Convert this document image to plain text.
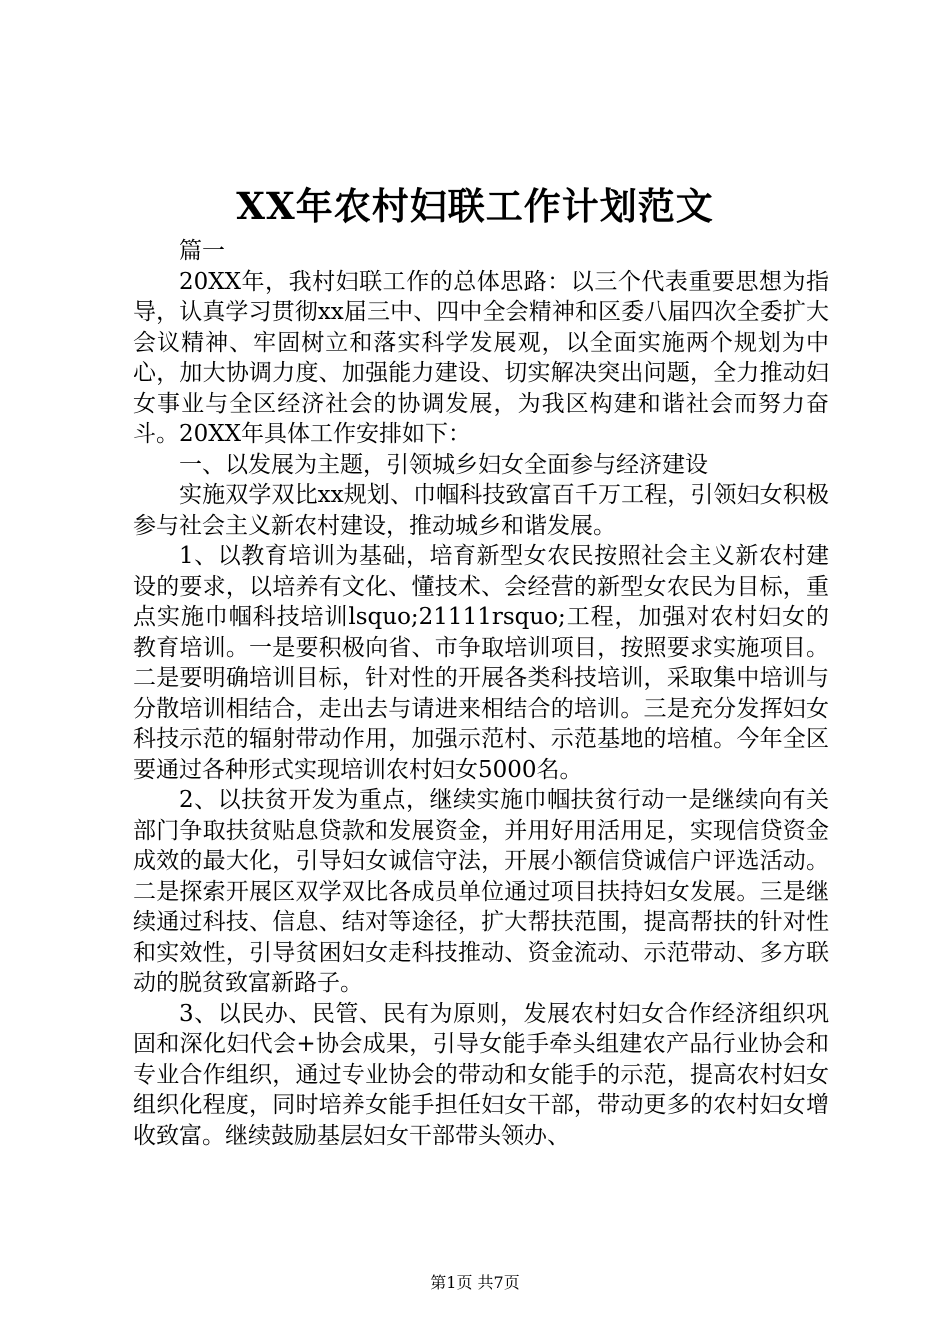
XX年农村妇联工作计划范文

篇一

20XX年，我村妇联工作的总体思路：以三个代表重要思想为指导，认真学习贯彻xx届三中、四中全会精神和区委八届四次全委扩大会议精神、牢固树立和落实科学发展观，以全面实施两个规划为中心，加大协调力度、加强能力建设、切实解决突出问题，全力推动妇女事业与全区经济社会的协调发展，为我区构建和谐社会而努力奋斗。20XX年具体工作安排如下：

一、以发展为主题，引领城乡妇女全面参与经济建设

实施双学双比xx规划、巾帼科技致富百千万工程，引领妇女积极参与社会主义新农村建设，推动城乡和谐发展。

1、以教育培训为基础，培育新型女农民按照社会主义新农村建设的要求，以培养有文化、懂技术、会经营的新型女农民为目标，重点实施巾帼科技培训lsquo;21111rsquo;工程，加强对农村妇女的教育培训。一是要积极向省、市争取培训项目，按照要求实施项目。二是要明确培训目标，针对性的开展各类科技培训，采取集中培训与分散培训相结合，走出去与请进来相结合的培训。三是充分发挥妇女科技示范的辐射带动作用，加强示范村、示范基地的培植。今年全区要通过各种形式实现培训农村妇女5000名。

2、以扶贫开发为重点，继续实施巾帼扶贫行动一是继续向有关部门争取扶贫贴息贷款和发展资金，并用好用活用足，实现信贷资金成效的最大化，引导妇女诚信守法，开展小额信贷诚信户评选活动。二是探索开展区双学双比各成员单位通过项目扶持妇女发展。三是继续通过科技、信息、结对等途径，扩大帮扶范围，提高帮扶的针对性和实效性，引导贫困妇女走科技推动、资金流动、示范带动、多方联动的脱贫致富新路子。

3、以民办、民管、民有为原则，发展农村妇女合作经济组织巩固和深化妇代会+协会成果，引导女能手牵头组建农产品行业协会和专业合作组织，通过专业协会的带动和女能手的示范，提高农村妇女组织化程度，同时培养女能手担任妇女干部，带动更多的农村妇女增收致富。继续鼓励基层妇女干部带头领办、

第1页 共7页
